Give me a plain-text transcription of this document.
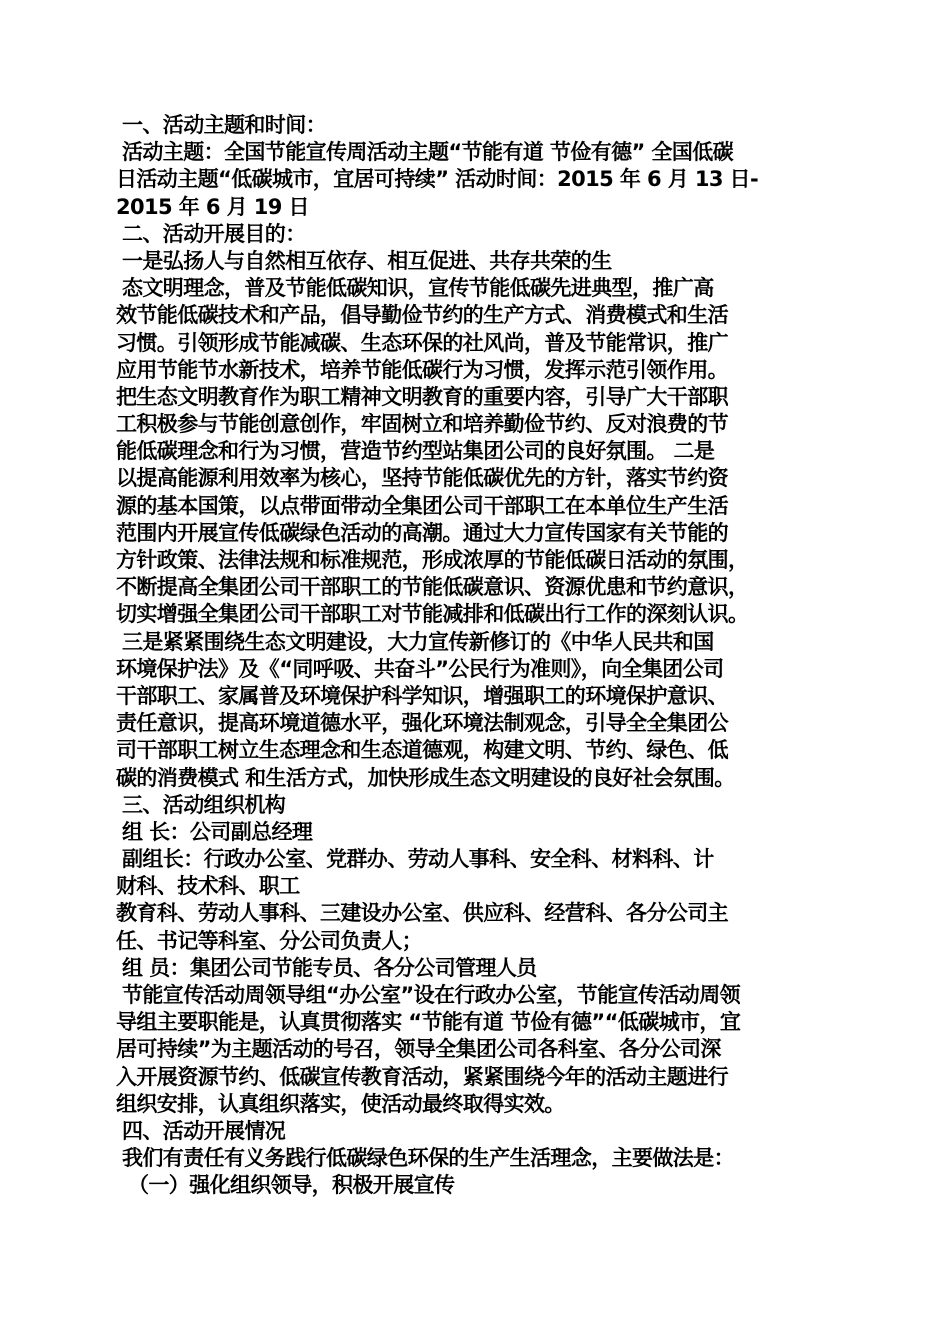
一、活动主题和时间：
活动主题：全国节能宣传周活动主题“节能有道 节俭有德” 全国低碳
日活动主题“低碳城市，宜居可持续” 活动时间：2015 年 6 月 13 日-
2015 年 6 月 19 日
二、活动开展目的：
一是弘扬人与自然相互依存、相互促进、共存共荣的生
态文明理念，普及节能低碳知识，宣传节能低碳先进典型，推广高
效节能低碳技术和产品，倡导勤俭节约的生产方式、消费模式和生活
习惯。引领形成节能减碳、生态环保的社风尚，普及节能常识，推广
应用节能节水新技术，培养节能低碳行为习惯，发挥示范引领作用。
把生态文明教育作为职工精神文明教育的重要内容，引导广大干部职
工积极参与节能创意创作，牢固树立和培养勤俭节约、反对浪费的节
能低碳理念和行为习惯，营造节约型站集团公司的良好氛围。 二是
以提高能源利用效率为核心，坚持节能低碳优先的方针，落实节约资
源的基本国策，以点带面带动全集团公司干部职工在本单位生产生活
范围内开展宣传低碳绿色活动的高潮。通过大力宣传国家有关节能的
方针政策、法律法规和标准规范，形成浓厚的节能低碳日活动的氛围，
不断提高全集团公司干部职工的节能低碳意识、资源优患和节约意识，
切实增强全集团公司干部职工对节能减排和低碳出行工作的深刻认识。
三是紧紧围绕生态文明建设，大力宣传新修订的《中华人民共和国
环境保护法》及《“同呼吸、共奋斗”公民行为准则》，向全集团公司
干部职工、家属普及环境保护科学知识，增强职工的环境保护意识、
责任意识，提高环境道德水平，强化环境法制观念，引导全全集团公
司干部职工树立生态理念和生态道德观，构建文明、节约、绿色、低
碳的消费模式 和生活方式，加快形成生态文明建设的良好社会氛围。
三、活动组织机构
组 长：公司副总经理
副组长：行政办公室、党群办、劳动人事科、安全科、材料科、计
财科、技术科、职工
教育科、劳动人事科、三建设办公室、供应科、经营科、各分公司主
任、书记等科室、分公司负责人；
组 员：集团公司节能专员、各分公司管理人员
节能宣传活动周领导组“办公室”设在行政办公室，节能宣传活动周领
导组主要职能是，认真贯彻落实 “节能有道 节俭有德”“低碳城市，宜
居可持续”为主题活动的号召，领导全集团公司各科室、各分公司深
入开展资源节约、低碳宣传教育活动，紧紧围绕今年的活动主题进行
组织安排，认真组织落实，使活动最终取得实效。
四、活动开展情况
我们有责任有义务践行低碳绿色环保的生产生活理念，主要做法是：
（一）强化组织领导，积极开展宣传
